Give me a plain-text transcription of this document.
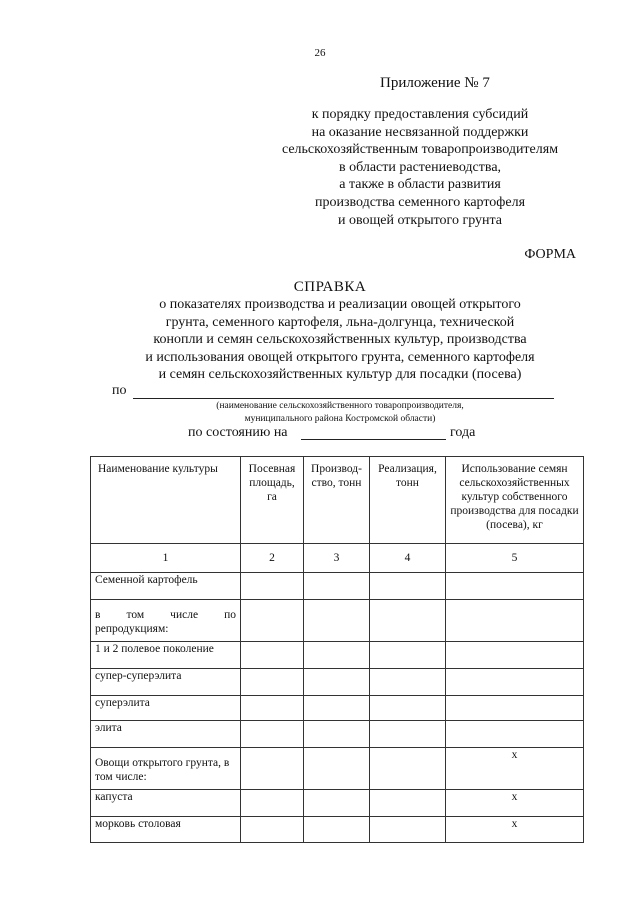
26
Приложение № 7
к порядку предоставления субсидий
на оказание несвязанной поддержки
сельскохозяйственным товаропроизводителям
в области растениеводства,
а также в области развития
производства семенного картофеля
и овощей открытого грунта
ФОРМА
СПРАВКА
о показателях производства и реализации овощей открытого
грунта, семенного картофеля, льна-долгунца, технической
конопли и семян сельскохозяйственных культур, производства
и использования овощей открытого грунта, семенного картофеля
и семян сельскохозяйственных культур для посадки (посева)
по
(наименование сельскохозяйственного товаропроизводителя,
муниципального района Костромской области)
по состоянию на	года
Наименование культуры	Посевная площадь, га	Производ-ство, тонн	Реализация, тонн	Использование семян сельскохозяйственных культур собственного производства для посадки (посева), кг
1	2	3	4	5
Семенной картофель				
в том числе по
репродукциям:				

1 и 2 полевое поколение				
супер-суперэлита				
суперэлита				
элита				
Овощи открытого грунта, в том числе:				x
капуста				x
морковь столовая				x
